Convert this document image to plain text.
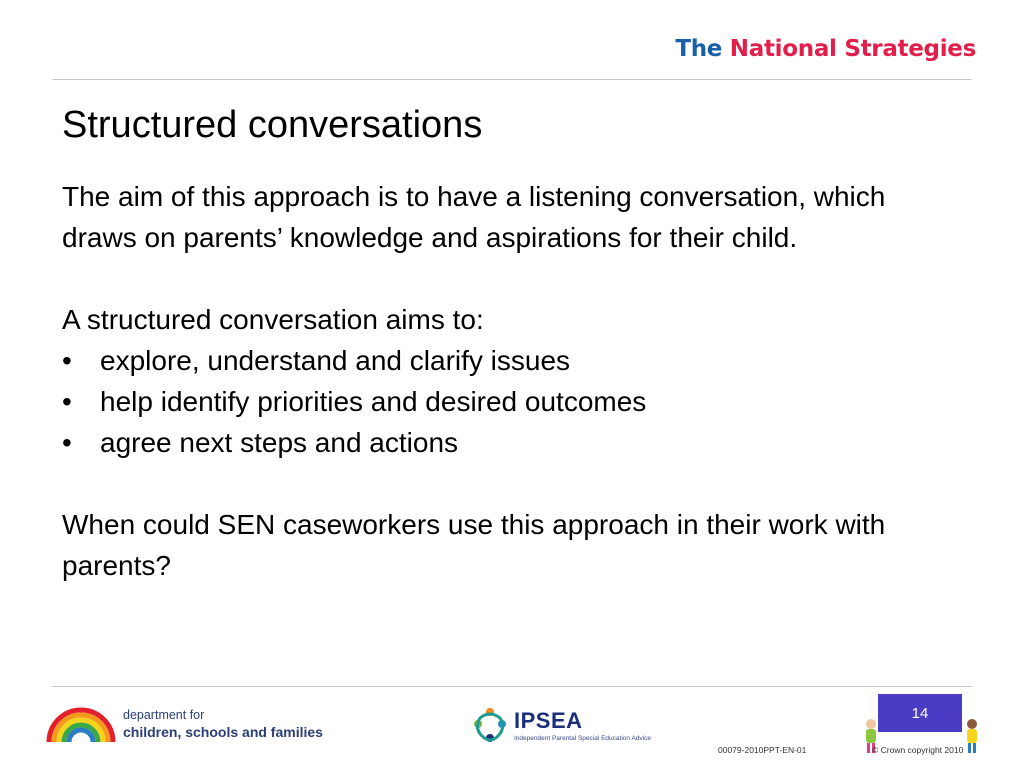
The National Strategies
Structured conversations

The aim of this approach is to have a listening conversation, which draws on parents’ knowledge and aspirations for their child.

A structured conversation aims to:

• explore, understand and clarify issues
• help identify priorities and desired outcomes
• agree next steps and actions

When could SEN caseworkers use this approach in their work with parents?

department for
children, schools and families	IPSEA
Independent Parental Special Education Advice
14
00079-2010PPT-EN-01	© Crown copyright 2010
